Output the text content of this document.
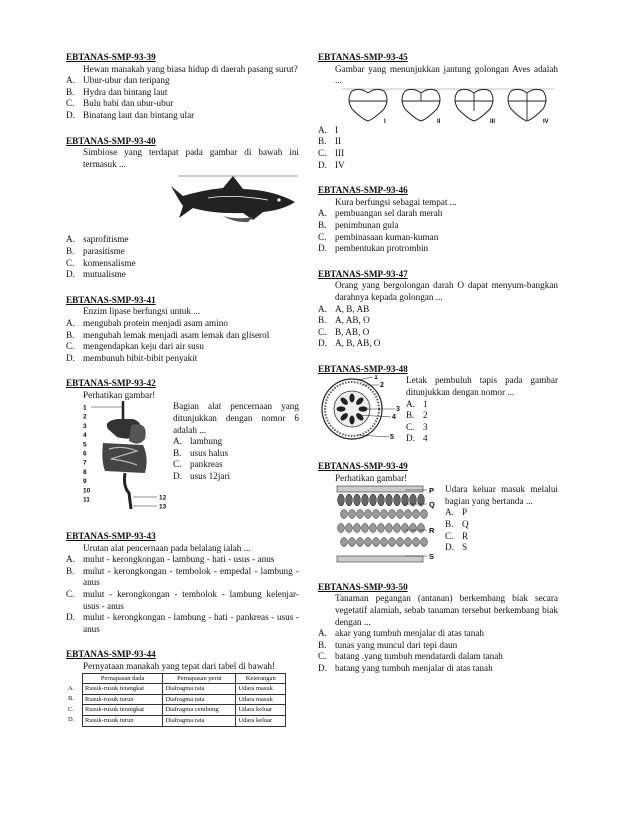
EBTANAS-SMP-93-39
Hewan manakah yang biasa hidup di daerah pasang surut?
A. Ubur-ubur dan teripang
B. Hydra dan bintang laut
C. Bulu babi dan ubur-ubur
D. Binatang laut dan bintang ular
EBTANAS-SMP-93-40
Simbiose yang terdapat pada gambar di bawah ini termasuk ...
A. saprofitisme
B. parasitisme
C. komensalisme
D. mutualisme
EBTANAS-SMP-93-41
Enzim lipase berfungsi untuk ...
A. mengubah protein menjadi asam amino
B. mengubah lemak menjadi asam lemak dan gliserol
C. mengendapkan keju dari air susu
D. membunuh bibit-bibit penyakit
EBTANAS-SMP-93-42
Perhatikan gambar!
1
2
3
4
5
6
7
8
9
10
11	12
13
Bagian alat pencernaan yang ditunjukkan dengan nomor 6 adalah ...
A. lambung
B. usus halus
C. pankreas
D. usus 12jari
EBTANAS-SMP-93-43
Urutan alat pencernaan pada belalang ialah ...
A. mulut - kerongkongan - lambung - hati - usus - anus
B. mulut - kerongkongan - tembolok - empedal - lambung - anus
C. mulut - kerongkongan - tembolok - lambung kelenjar- usus - anus
D. mulut - kerongkongan - lambung - hati - pankreas - usus - anus
EBTANAS-SMP-93-44
Pernyataan manakah yang tepat dari tabel di bawah!
	Pernapasan dada	Pernapasan perut	Keterangan
A.	Rusuk-rusuk terangkat	Diafragma rata	Udara masuk
B.	Rusuk-rusuk turun	Diafragma rata	Udara masuk
C.	Rusuk-rusuk terangkat	Diafragma cembung	Udara keluar
D.	Rusuk-rusuk turun	Diafragma rata	Udara keluar
EBTANAS-SMP-93-45
Gambar yang menunjukkan jantung golongan Aves adalah ...
I	II	III	IV
A. I
B. II
C. III
D. IV
EBTANAS-SMP-93-46
Kura berfungsi sebagai tempat ...
A. pembuangan sel darah merah
B. penimbunan gula
C. pembinasaan kuman-kuman
D. pembentukan protrombin
EBTANAS-SMP-93-47
Orang yang bergolongan darah O dapat menyum-bangkan darahnya kepada golongan ...
A. A, B, AB
B. A, AB, O
C. B, AB, O
D. A, B, AB, O
EBTANAS-SMP-93-48
1
2
3
4
5
Letak pembuluh tapis pada gambar ditunjukkan dengan nomor ...
A. 1
B. 2
C. 3
D. 4
EBTANAS-SMP-93-49
Perhatikan gambar!
P
Q
R
S
Udara keluar masuk melalui bagian yang bertanda ...
A. P
B. Q
C. R
D. S
EBTANAS-SMP-93-50
Tanaman pegangan (antanan) berkembang biak secara vegetatif alamiah, sebab tanaman tersebut berkembang biak dengan ...
A. akar yang tumbuh menjalar di atas tanah
B. tunas yang muncul dari tepi daun
C. batang .yang tumbuh mendatardi dalam tanah
D. batang yang tumbuh menjalar di atas tanah
